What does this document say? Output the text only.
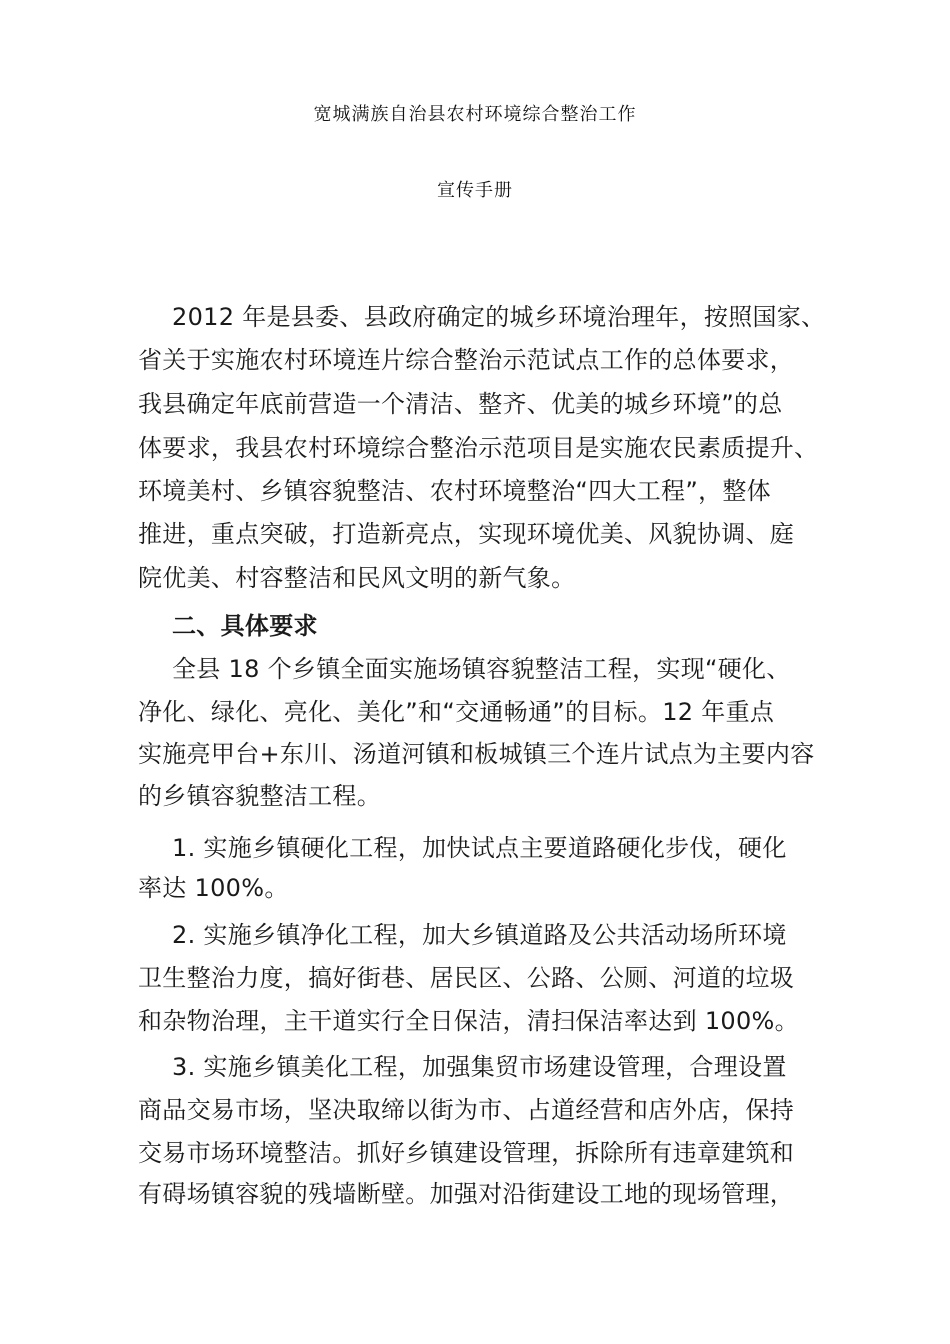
宽城满族自治县农村环境综合整治工作
宣传手册
2012 年是县委、县政府确定的城乡环境治理年，按照国家、
省关于实施农村环境连片综合整治示范试点工作的总体要求，
我县确定年底前营造一个清洁、整齐、优美的城乡环境”的总
体要求，我县农村环境综合整治示范项目是实施农民素质提升、
环境美村、乡镇容貌整洁、农村环境整治“四大工程”，整体
推进，重点突破，打造新亮点，实现环境优美、风貌协调、庭
院优美、村容整洁和民风文明的新气象。
二、具体要求
全县 18 个乡镇全面实施场镇容貌整洁工程，实现“硬化、
净化、绿化、亮化、美化”和“交通畅通”的目标。12 年重点
实施亮甲台+东川、汤道河镇和板城镇三个连片试点为主要内容
的乡镇容貌整洁工程。
1. 实施乡镇硬化工程，加快试点主要道路硬化步伐，硬化
率达 100%。
2. 实施乡镇净化工程，加大乡镇道路及公共活动场所环境
卫生整治力度，搞好街巷、居民区、公路、公厕、河道的垃圾
和杂物治理，主干道实行全日保洁，清扫保洁率达到 100%。
3. 实施乡镇美化工程，加强集贸市场建设管理，合理设置
商品交易市场，坚决取缔以街为市、占道经营和店外店，保持
交易市场环境整洁。抓好乡镇建设管理，拆除所有违章建筑和
有碍场镇容貌的残墙断壁。加强对沿街建设工地的现场管理，
